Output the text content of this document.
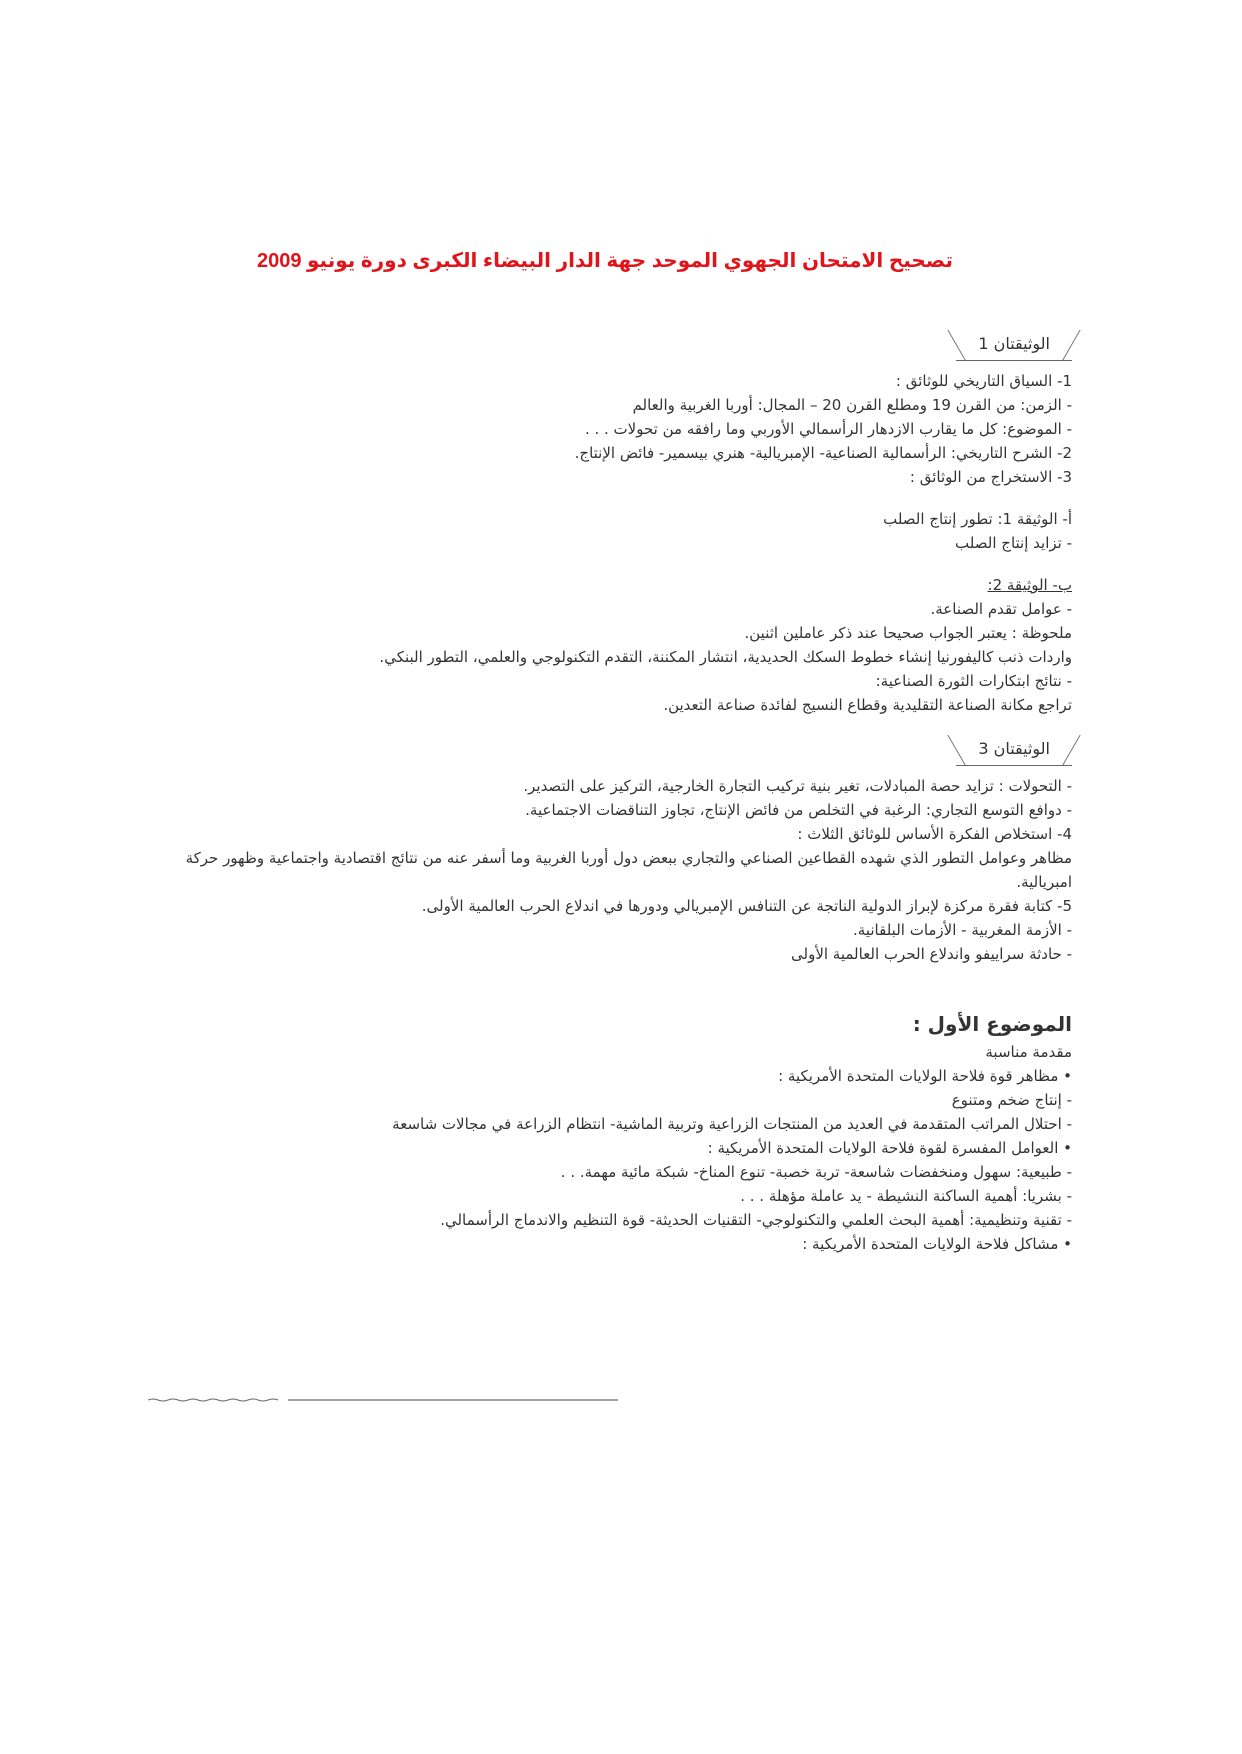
تصحيح الامتحان الجهوي الموحد جهة الدار البيضاء الكبرى دورة يونيو 2009
الوثيقتان 1
1- السياق التاريخي للوثائق :
- الزمن: من القرن 19 ومطلع القرن 20 – المجال: أوربا الغربية والعالم
- الموضوع: كل ما يقارب الازدهار الرأسمالي الأوربي وما رافقه من تحولات . . .
2- الشرح التاريخي: الرأسمالية الصناعية- الإمبريالية- هنري بيسمير- فائض الإنتاج.
3- الاستخراج من الوثائق :
أ- الوثيقة 1: تطور إنتاج الصلب
- تزايد إنتاج الصلب
ب- الوثيقة 2:
- عوامل تقدم الصناعة.
ملحوظة : يعتبر الجواب صحيحا عند ذكر عاملين اثنين.
واردات ذنب كاليفورنيا إنشاء خطوط السكك الحديدية، انتشار المكننة، التقدم التكنولوجي والعلمي، التطور البنكي.
- نتائج ابتكارات الثورة الصناعية:
تراجع مكانة الصناعة التقليدية وقطاع النسيج لفائدة صناعة التعدين.
الوثيقتان 3
- التحولات : تزايد حصة المبادلات، تغير بنية تركيب التجارة الخارجية، التركيز على التصدير.
- دوافع التوسع التجاري: الرغبة في التخلص من فائض الإنتاج، تجاوز التناقضات الاجتماعية.
4- استخلاص الفكرة الأساس للوثائق الثلاث :
مظاهر وعوامل التطور الذي شهده القطاعين الصناعي والتجاري ببعض دول أوربا الغربية وما أسفر عنه من نتائج اقتصادية واجتماعية وظهور حركة امبريالية.
5- كتابة فقرة مركزة لإبراز الدولية الناتجة عن التنافس الإمبريالي ودورها في اندلاع الحرب العالمية الأولى.
- الأزمة المغربية - الأزمات البلقانية.
- حادثة سراييفو واندلاع الحرب العالمية الأولى
الموضوع الأول :
مقدمة مناسبة
• مظاهر قوة فلاحة الولايات المتحدة الأمريكية :
- إنتاج ضخم ومتنوع
- احتلال المراتب المتقدمة في العديد من المنتجات الزراعية وتربية الماشية- انتظام الزراعة في مجالات شاسعة
• العوامل المفسرة لقوة فلاحة الولايات المتحدة الأمريكية :
- طبيعية: سهول ومنخفضات شاسعة- تربة خصبة- تنوع المناخ- شبكة مائية مهمة. . .
- بشريا: أهمية الساكنة النشيطة - يد عاملة مؤهلة . . .
- تقنية وتنظيمية: أهمية البحث العلمي والتكنولوجي- التقنيات الحديثة- قوة التنظيم والاندماج الرأسمالي.
• مشاكل فلاحة الولايات المتحدة الأمريكية :
